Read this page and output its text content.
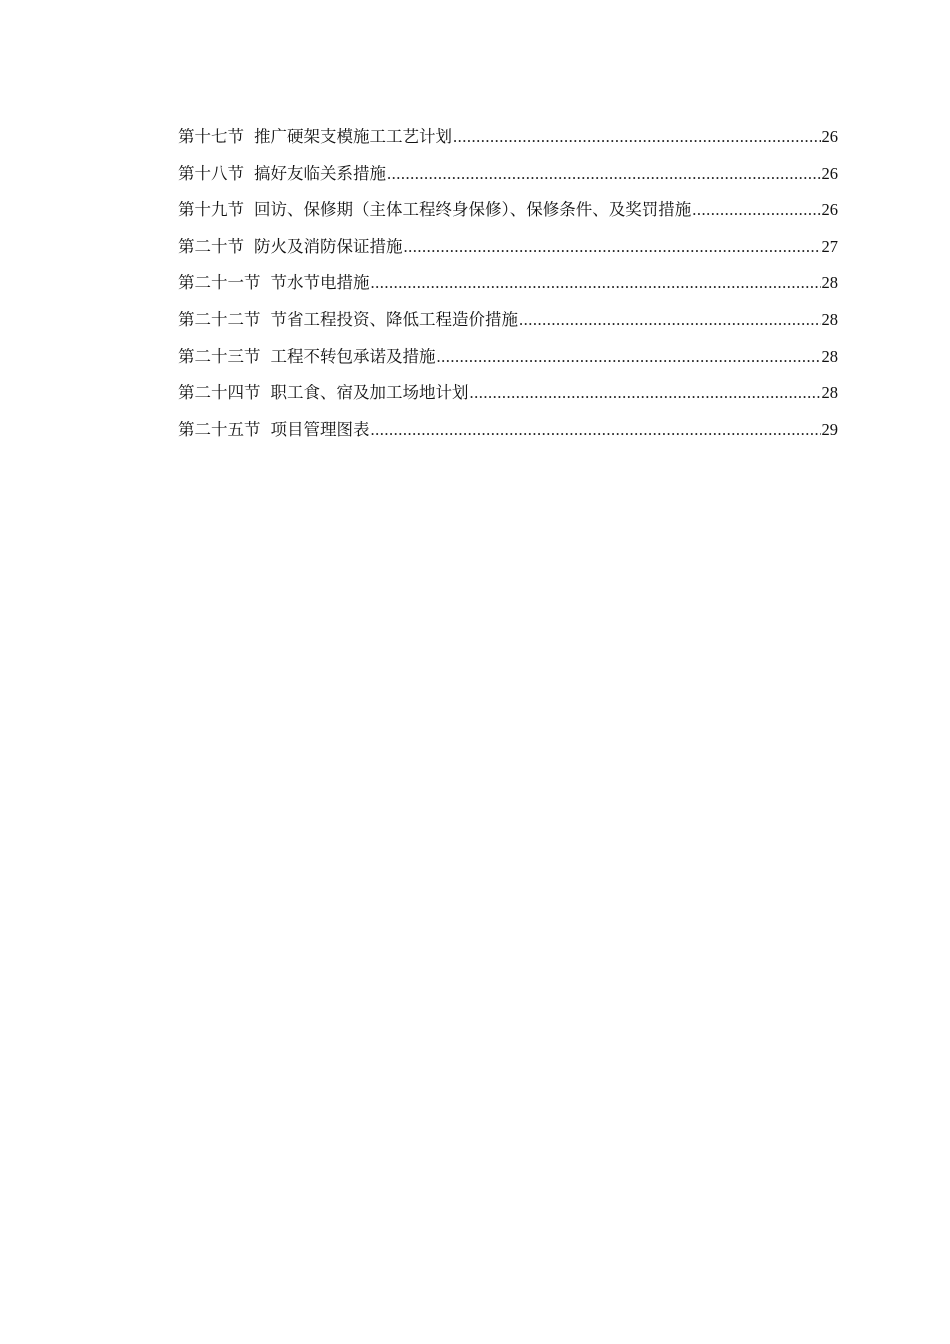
第十七节 推广硬架支模施工工艺计划 .....	26
第十八节 搞好友临关系措施 .....	26
第十九节 回访、保修期（主体工程终身保修）、保修条件、及奖罚措施 .....	26
第二十节 防火及消防保证措施 .....	27
第二十一节 节水节电措施 .....	28
第二十二节 节省工程投资、降低工程造价措施 .....	28
第二十三节 工程不转包承诺及措施 .....	28
第二十四节 职工食、宿及加工场地计划 .....	28
第二十五节 项目管理图表 .....	29
